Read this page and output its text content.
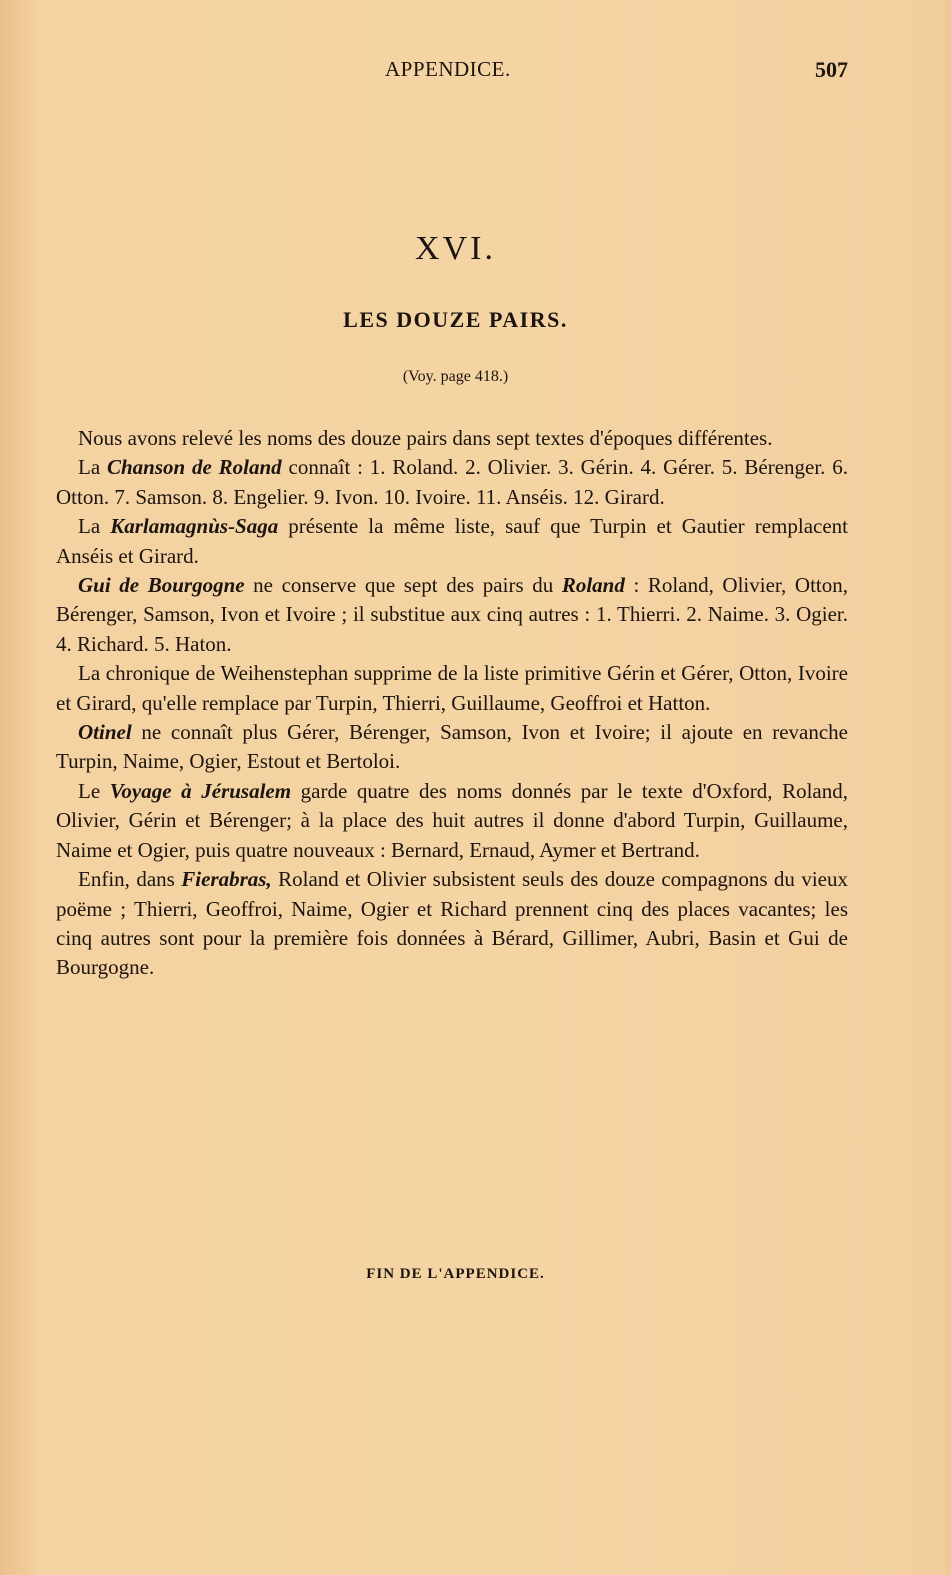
APPENDICE.	507
XVI.
LES DOUZE PAIRS.
(Voy. page 418.)

Nous avons relevé les noms des douze pairs dans sept textes d'époques différentes.

La Chanson de Roland connaît : 1. Roland. 2. Olivier. 3. Gérin. 4. Gérer. 5. Bérenger. 6. Otton. 7. Samson. 8. Engelier. 9. Ivon. 10. Ivoire. 11. Anséis. 12. Girard.

La Karlamagnùs-Saga présente la même liste, sauf que Turpin et Gautier remplacent Anséis et Girard.

Gui de Bourgogne ne conserve que sept des pairs du Roland : Roland, Olivier, Otton, Bérenger, Samson, Ivon et Ivoire ; il substitue aux cinq autres : 1. Thierri. 2. Naime. 3. Ogier. 4. Richard. 5. Haton.

La chronique de Weihenstephan supprime de la liste primitive Gérin et Gérer, Otton, Ivoire et Girard, qu'elle remplace par Turpin, Thierri, Guillaume, Geoffroi et Hatton.

Otinel ne connaît plus Gérer, Bérenger, Samson, Ivon et Ivoire; il ajoute en revanche Turpin, Naime, Ogier, Estout et Bertoloi.

Le Voyage à Jérusalem garde quatre des noms donnés par le texte d'Oxford, Roland, Olivier, Gérin et Bérenger; à la place des huit autres il donne d'abord Turpin, Guillaume, Naime et Ogier, puis quatre nouveaux : Bernard, Ernaud, Aymer et Bertrand.

Enfin, dans Fierabras, Roland et Olivier subsistent seuls des douze compagnons du vieux poëme ; Thierri, Geoffroi, Naime, Ogier et Richard prennent cinq des places vacantes; les cinq autres sont pour la première fois données à Bérard, Gillimer, Aubri, Basin et Gui de Bourgogne.

FIN DE L'APPENDICE.
